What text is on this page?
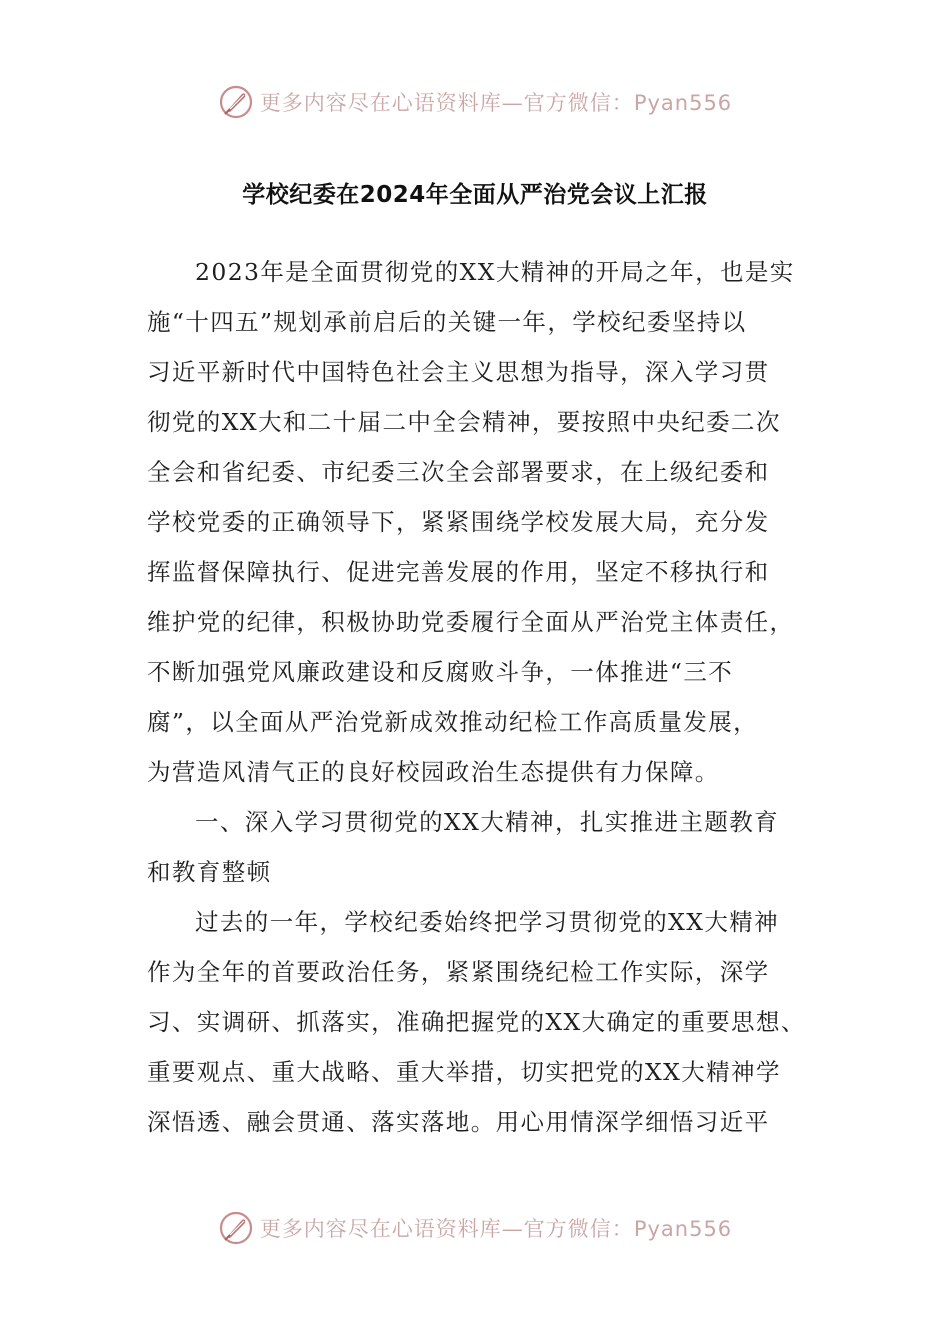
更多内容尽在心语资料库—官方微信：Pyan556
学校纪委在2024年全面从严治党会议上汇报
2023年是全面贯彻党的XX大精神的开局之年，也是实
施“十四五”规划承前启后的关键一年，学校纪委坚持以
习近平新时代中国特色社会主义思想为指导，深入学习贯
彻党的XX大和二十届二中全会精神，要按照中央纪委二次
全会和省纪委、市纪委三次全会部署要求，在上级纪委和
学校党委的正确领导下，紧紧围绕学校发展大局，充分发
挥监督保障执行、促进完善发展的作用，坚定不移执行和
维护党的纪律，积极协助党委履行全面从严治党主体责任，
不断加强党风廉政建设和反腐败斗争，一体推进“三不
腐”，以全面从严治党新成效推动纪检工作高质量发展，
为营造风清气正的良好校园政治生态提供有力保障。
一、深入学习贯彻党的XX大精神，扎实推进主题教育
和教育整顿
过去的一年，学校纪委始终把学习贯彻党的XX大精神
作为全年的首要政治任务，紧紧围绕纪检工作实际，深学
习、实调研、抓落实，准确把握党的XX大确定的重要思想、
重要观点、重大战略、重大举措，切实把党的XX大精神学
深悟透、融会贯通、落实落地。用心用情深学细悟习近平
更多内容尽在心语资料库—官方微信：Pyan556
